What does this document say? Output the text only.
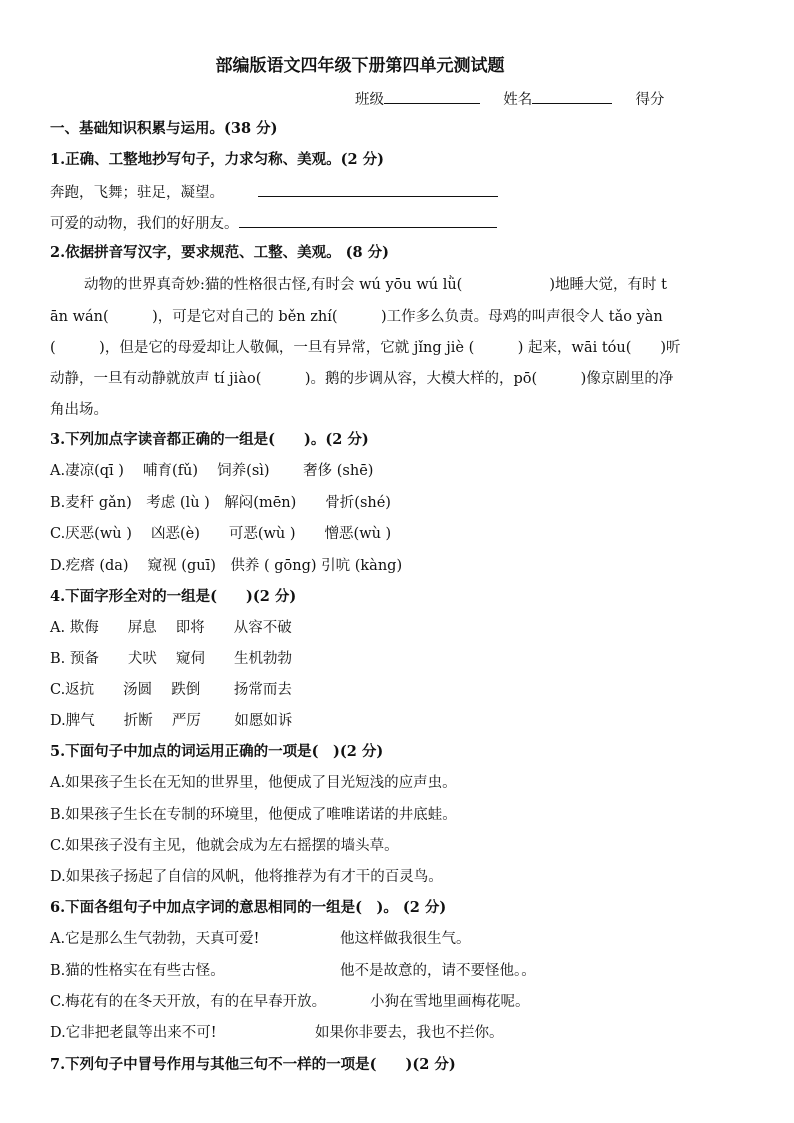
部编版语文四年级下册第四单元测试题
班级	姓名	得分
一、基础知识积累与运用。(38 分)
1.正确、工整地抄写句子，力求匀称、美观。(2 分)
奔跑，飞舞；驻足，凝望。
可爱的动物，我们的好朋友。
2.依据拼音写汉字，要求规范、工整、美观。 (8 分)
动物的世界真奇妙:猫的性格很古怪,有时会 wú yōu wú lǜ(　　　　　　)地睡大觉，有时 t
ān wán(　　　)，可是它对自己的 běn zhí(　　　)工作多么负责。母鸡的叫声很令人 tǎo yàn
(　　　)，但是它的母爱却让人敬佩，一旦有异常，它就 jǐng jiè (　　　) 起来，wāi tóu(　　)听
动静，一旦有动静就放声 tí jiào(　　　)。鹅的步调从容，大模大样的，pō(　　　)像京剧里的净
角出场。
3.下列加点字读音都正确的一组是(　　)。(2 分)
A.凄凉(qī )　 哺育(fǔ)　 饲养(sì)　　 奢侈 (shē)
B.麦秆 gǎn)　考虑 (lù )　解闷(mēn)　　骨折(shé)
C.厌恶(wù )　 凶恶(è)　　可恶(wù )　　憎恶(wù )
D.疙瘩 (da)　 窥视 (guī)　供养 ( gōng) 引吭 (kàng)
4.下面字形全对的一组是(　　)(2 分)
A. 欺侮　　屏息　 即将　　从容不破
B. 预备　　犬吠　 窥伺　　生机勃勃
C.返抗　　汤圆　 跌倒　　 扬常而去
D.脾气　　折断　 严厉　　 如愿如诉
5.下面句子中加点的词运用正确的一项是(　)(2 分)
A.如果孩子生长在无知的世界里，他便成了目光短浅的应声虫。
B.如果孩子生长在专制的环境里，他便成了唯唯诺诺的井底蛙。
C.如果孩子没有主见，他就会成为左右摇摆的墙头草。
D.如果孩子扬起了自信的风帆，他将推荐为有才干的百灵鸟。
6.下面各组句子中加点字词的意思相同的一组是(　)。 (2 分)
A.它是那么生气勃勃，天真可爱!	他这样做我很生气。
B.猫的性格实在有些古怪。	他不是故意的，请不要怪他。。
C.梅花有的在冬天开放，有的在早春开放。	小狗在雪地里画梅花呢。
D.它非把老鼠等出来不可!	如果你非要去，我也不拦你。
7.下列句子中冒号作用与其他三句不一样的一项是(　　)(2 分)
